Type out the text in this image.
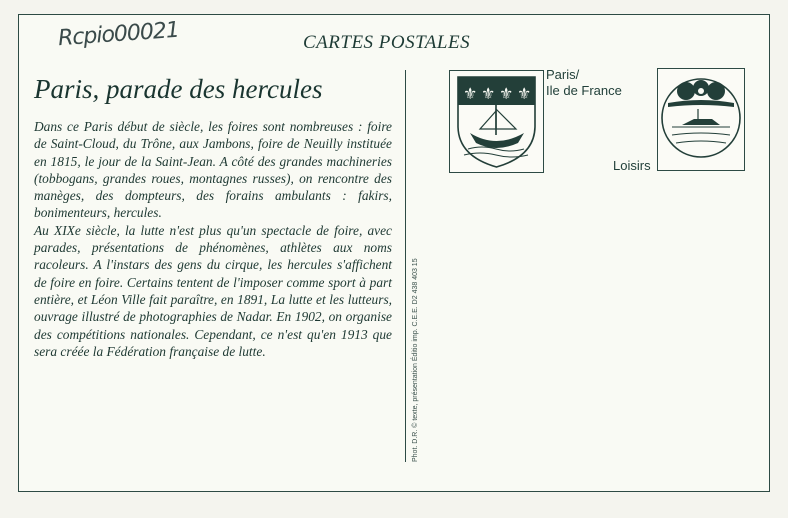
Rcpio00021	CARTES POSTALES
Paris, parade des hercules

Dans ce Paris début de siècle, les foires sont nombreuses : foire de Saint-Cloud, du Trône, aux Jambons, foire de Neuilly instituée en 1815, le jour de la Saint-Jean. A côté des grandes machineries (tobbogans, grandes roues, montagnes russes), on rencontre des manèges, des dompteurs, des forains ambulants : fakirs, bonimenteurs, hercules.

Au XIXe siècle, la lutte n'est plus qu'un spectacle de foire, avec parades, présentations de phénomènes, athlètes aux noms racoleurs. A l'instars des gens du cirque, les hercules s'affichent de foire en foire. Certains tentent de l'imposer comme sport à part entière, et Léon Ville fait paraître, en 1891, La lutte et les lutteurs, ouvrage illustré de photographies de Nadar. En 1902, on organise des compétitions nationales. Cependant, ce n'est qu'en 1913 que sera créée la Fédération française de lutte.	Phot. D.R. © texte, présentation Éditio imp. C.E.E. D2 438 403 15
⚜ ⚜ ⚜ ⚜
Paris/
Ile de France
Loisirs
